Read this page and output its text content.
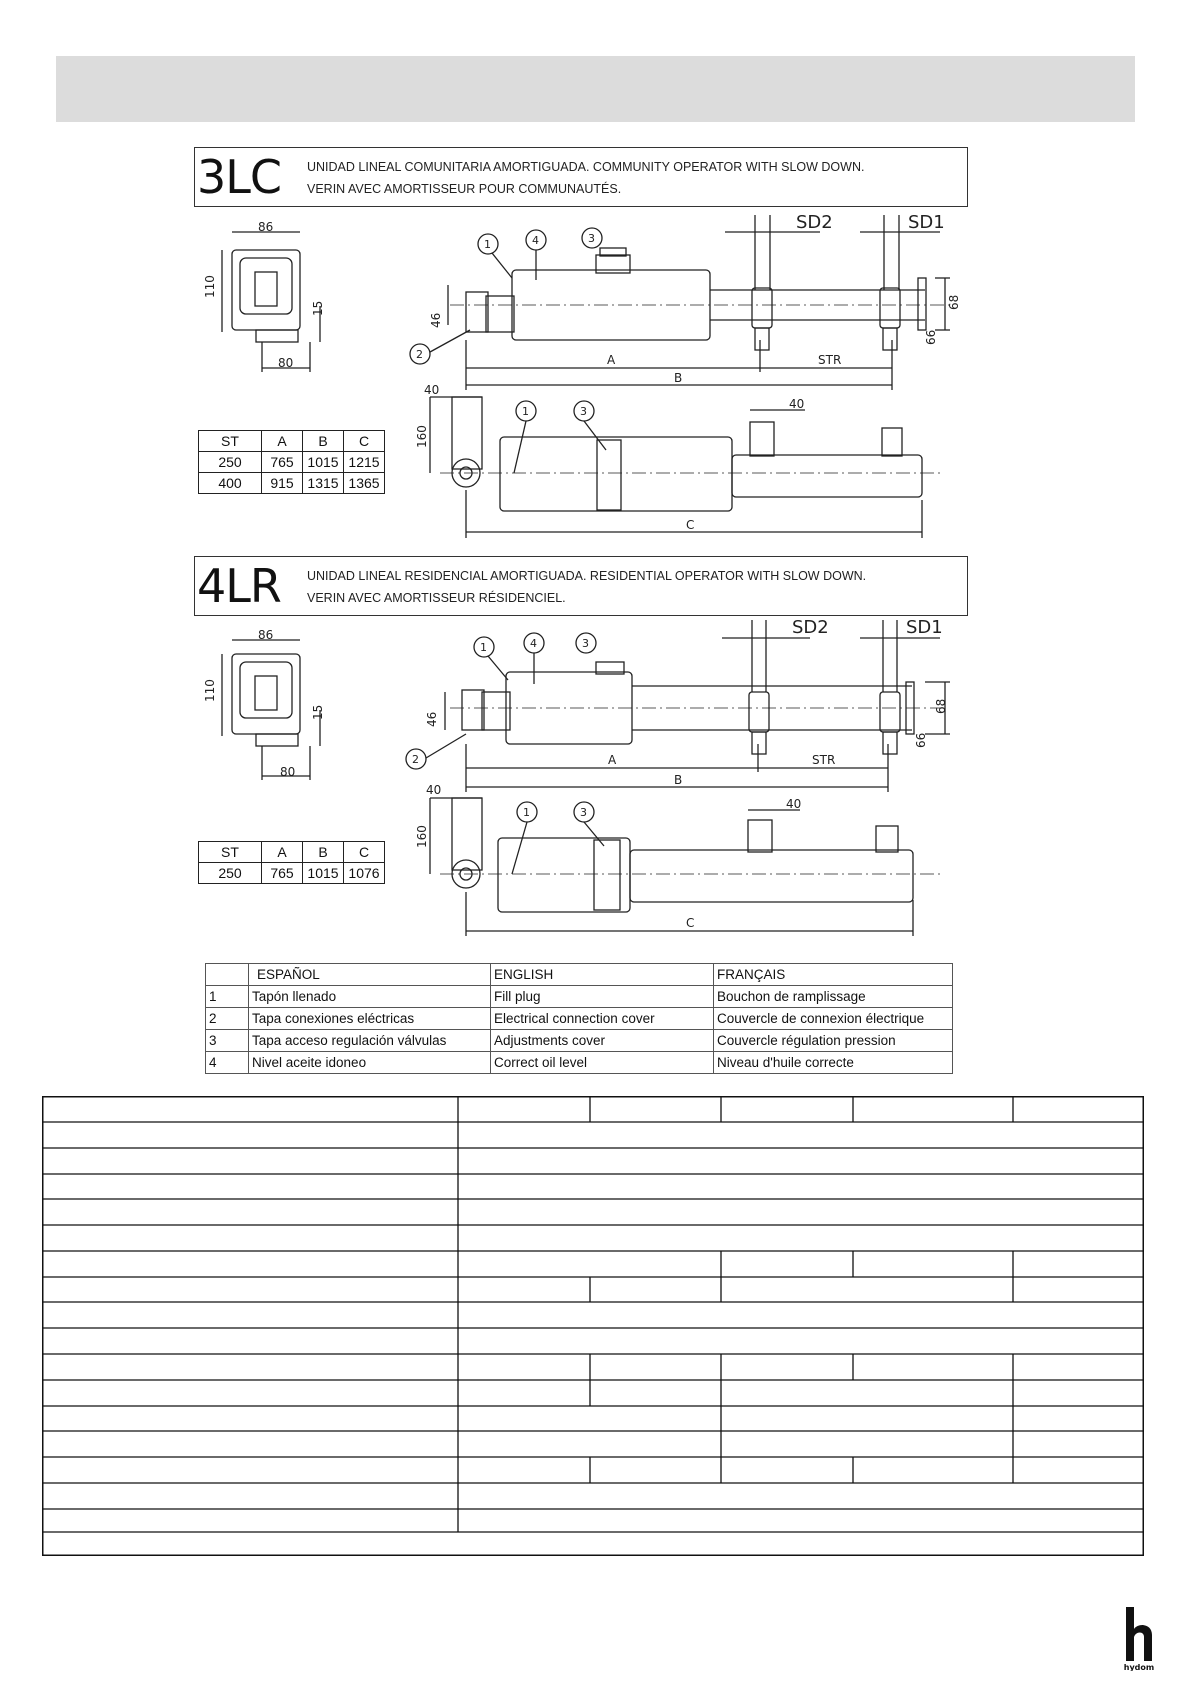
3LC UNIDAD LINEAL COMUNITARIA AMORTIGUADA. COMMUNITY OPERATOR WITH SLOW DOWN.
VERIN AVEC AMORTISSEUR POUR COMMUNAUTÉS.
4LR UNIDAD LINEAL RESIDENCIAL AMORTIGUADA. RESIDENTIAL OPERATOR WITH SLOW DOWN.
VERIN AVEC AMORTISSEUR RÉSIDENCIEL.
ST	A	B	C
250	765	1015	1215
400	915	1315	1365
ST	A	B	C
250	765	1015	1076
86
110
15
80
46
68
66
A	STR
B
40
160
40
C
SD2	SD1
86
110
15
80
46
68
66
A	STR
B
40
160
40
C
SD2	SD1
1
2
3
4
1	3
1
2
3
4
1	3
	ESPAÑOL	ENGLISH	FRANÇAIS
1	Tapón llenado	Fill plug	Bouchon de ramplissage
2	Tapa conexiones eléctricas	Electrical connection cover	Couvercle de connexion électrique
3	Tapa acceso regulación válvulas	Adjustments cover	Couvercle régulation pression
4	Nivel aceite idoneo	Correct oil level	Niveau d'huile correcte
hydom
